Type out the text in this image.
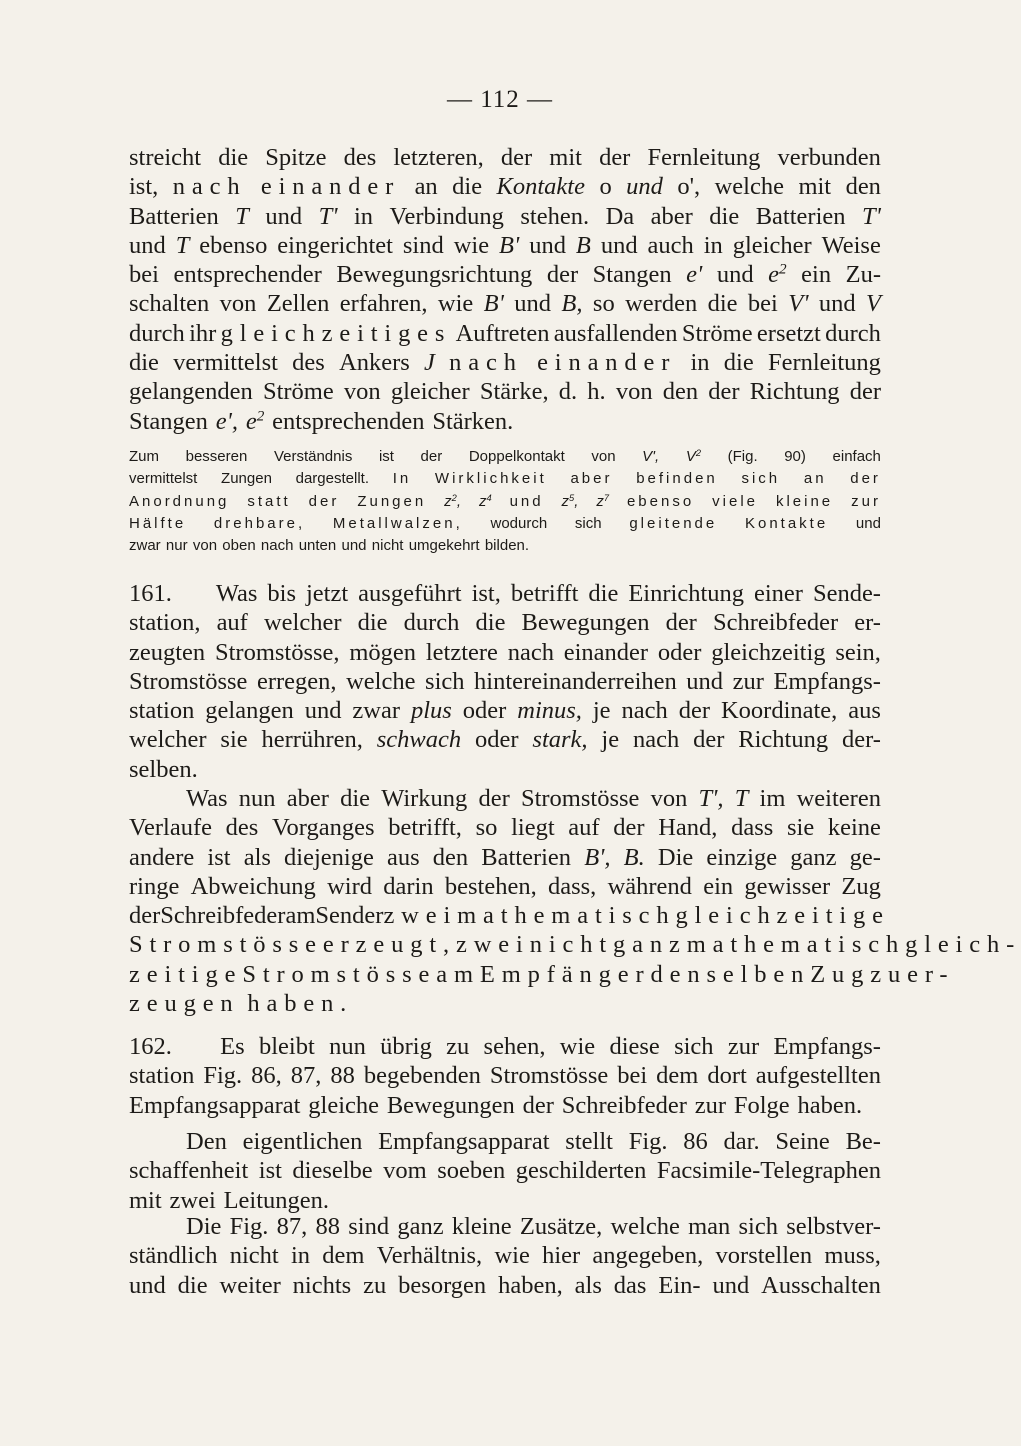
— 112 —
streicht die Spitze des letzteren, der mit der Fernleitung verbunden
ist, nach einander an die Kontakte o und o', welche mit den
Batterien T und T' in Verbindung stehen. Da aber die Batterien T'
und T ebenso eingerichtet sind wie B' und B und auch in gleicher Weise
bei entsprechender Bewegungsrichtung der Stangen e' und $e^2$ ein Zu-
schalten von Zellen erfahren, wie B' und B, so werden die bei V' und V
durch ihr gleichzeitiges Auftreten ausfallenden Ströme ersetzt durch
die vermittelst des Ankers J nach einander in die Fernleitung
gelangenden Ströme von gleicher Stärke, d. h. von den der Richtung der
Stangen e', $e^2$ entsprechenden Stärken.
Zum besseren Verständnis ist der Doppelkontakt von V', $V^2$ (Fig. 90) einfach
vermittelst Zungen dargestellt. In Wirklichkeit aber befinden sich an der
Anordnung statt der Zungen $z^2$, $z^4$ und $z^5$, $z^7$ ebenso viele kleine zur
Hälfte drehbare, Metallwalzen, wodurch sich gleitende Kontakte und
zwar nur von oben nach unten und nicht umgekehrt bilden.
161. Was bis jetzt ausgeführt ist, betrifft die Einrichtung einer Sende-
station, auf welcher die durch die Bewegungen der Schreibfeder er-
zeugten Stromstösse, mögen letztere nach einander oder gleichzeitig sein,
Stromstösse erregen, welche sich hintereinanderreihen und zur Empfangs-
station gelangen und zwar plus oder minus, je nach der Koordinate, aus
welcher sie herrühren, schwach oder stark, je nach der Richtung der-
selben.
Was nun aber die Wirkung der Stromstösse von T', T im weiteren
Verlaufe des Vorganges betrifft, so liegt auf der Hand, dass sie keine
andere ist als diejenige aus den Batterien B', B. Die einzige ganz ge-
ringe Abweichung wird darin bestehen, dass, während ein gewisser Zug
der Schreibfeder am Sender zwei mathematisch gleichzeitige
Stromstösse erzeugt, zwei nicht ganz mathematisch gleich-
zeitige Stromstösse am Empfänger denselben Zug zu er-
zeugen haben.
162. Es bleibt nun übrig zu sehen, wie diese sich zur Empfangs-
station Fig. 86, 87, 88 begebenden Stromstösse bei dem dort aufgestellten
Empfangsapparat gleiche Bewegungen der Schreibfeder zur Folge haben.
Den eigentlichen Empfangsapparat stellt Fig. 86 dar. Seine Be-
schaffenheit ist dieselbe vom soeben geschilderten Facsimile-Telegraphen
mit zwei Leitungen.
Die Fig. 87, 88 sind ganz kleine Zusätze, welche man sich selbstver-
ständlich nicht in dem Verhältnis, wie hier angegeben, vorstellen muss,
und die weiter nichts zu besorgen haben, als das Ein- und Ausschalten
